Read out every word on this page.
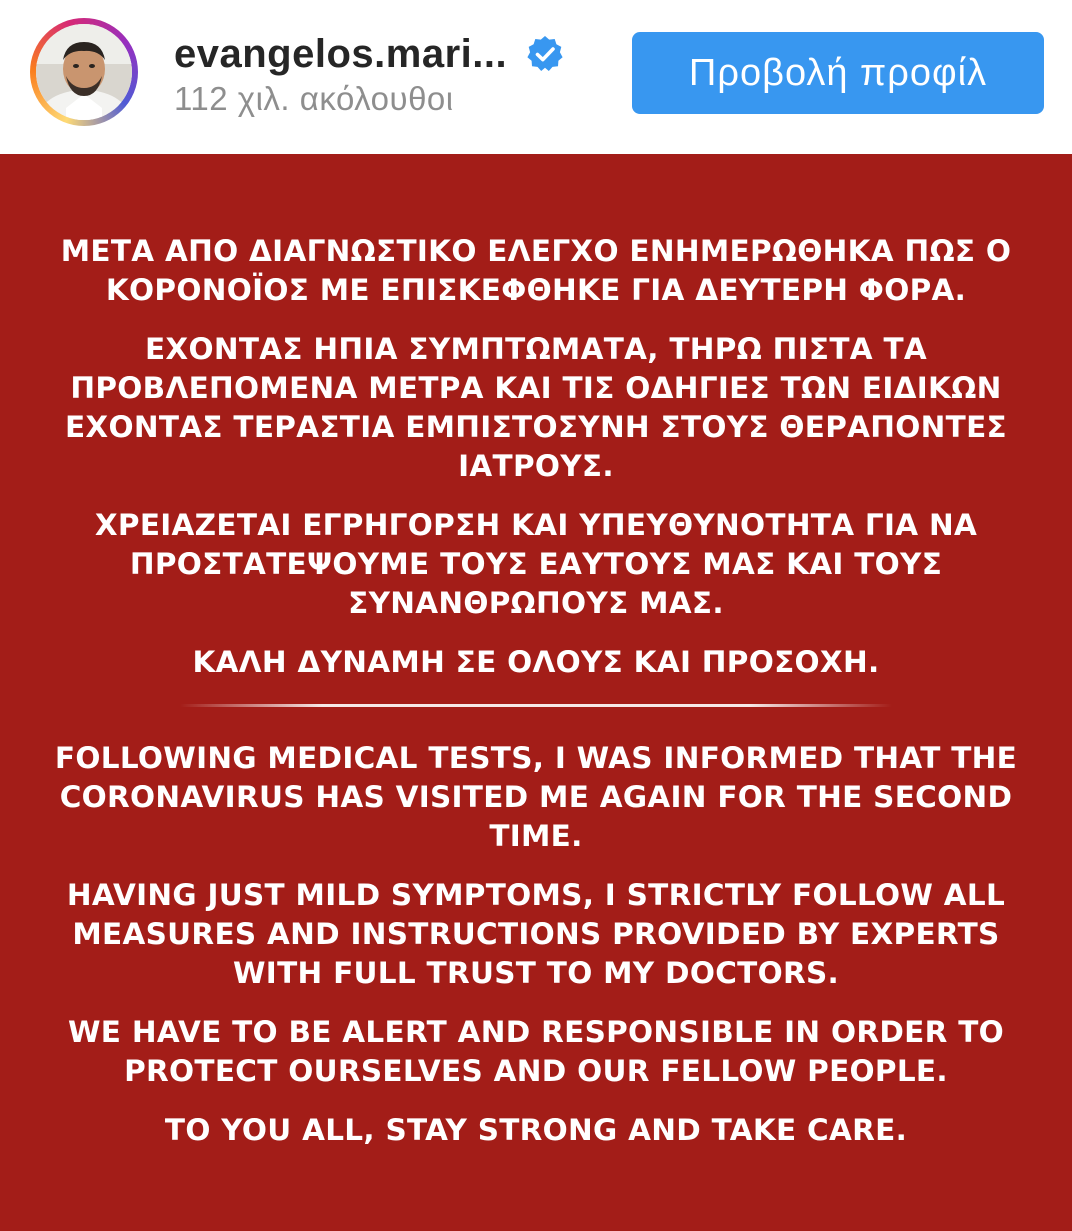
evangelos.mari...
112 χιλ. ακόλουθοι
Προβολή προφίλ

ΜΕΤΑ ΑΠΟ ΔΙΑΓΝΩΣΤΙΚΟ ΕΛΕΓΧΟ ΕΝΗΜΕΡΩΘΗΚΑ ΠΩΣ Ο
ΚΟΡΟΝΟΪΟΣ ΜΕ ΕΠΙΣΚΕΦΘΗΚΕ ΓΙΑ ΔΕΥΤΕΡΗ ΦΟΡΑ.

ΕΧΟΝΤΑΣ ΗΠΙΑ ΣΥΜΠΤΩΜΑΤΑ, ΤΗΡΩ ΠΙΣΤΑ ΤΑ
ΠΡΟΒΛΕΠΟΜΕΝΑ ΜΕΤΡΑ ΚΑΙ ΤΙΣ ΟΔΗΓΙΕΣ ΤΩΝ ΕΙΔΙΚΩΝ
ΕΧΟΝΤΑΣ ΤΕΡΑΣΤΙΑ ΕΜΠΙΣΤΟΣΥΝΗ ΣΤΟΥΣ ΘΕΡΑΠΟΝΤΕΣ
ΙΑΤΡΟΥΣ.

ΧΡΕΙΑΖΕΤΑΙ ΕΓΡΗΓΟΡΣΗ ΚΑΙ ΥΠΕΥΘΥΝΟΤΗΤΑ ΓΙΑ ΝΑ
ΠΡΟΣΤΑΤΕΨΟΥΜΕ ΤΟΥΣ ΕΑΥΤΟΥΣ ΜΑΣ ΚΑΙ ΤΟΥΣ
ΣΥΝΑΝΘΡΩΠΟΥΣ ΜΑΣ.

ΚΑΛΗ ΔΥΝΑΜΗ ΣΕ ΟΛΟΥΣ ΚΑΙ ΠΡΟΣΟΧΗ.

FOLLOWING MEDICAL TESTS, I WAS INFORMED THAT THE
CORONAVIRUS HAS VISITED ME AGAIN FOR THE SECOND
TIME.

HAVING JUST MILD SYMPTOMS, I STRICTLY FOLLOW ALL
MEASURES AND INSTRUCTIONS PROVIDED BY EXPERTS
WITH FULL TRUST TO MY DOCTORS.

WE HAVE TO BE ALERT AND RESPONSIBLE IN ORDER TO
PROTECT OURSELVES AND OUR FELLOW PEOPLE.

TO YOU ALL, STAY STRONG AND TAKE CARE.
